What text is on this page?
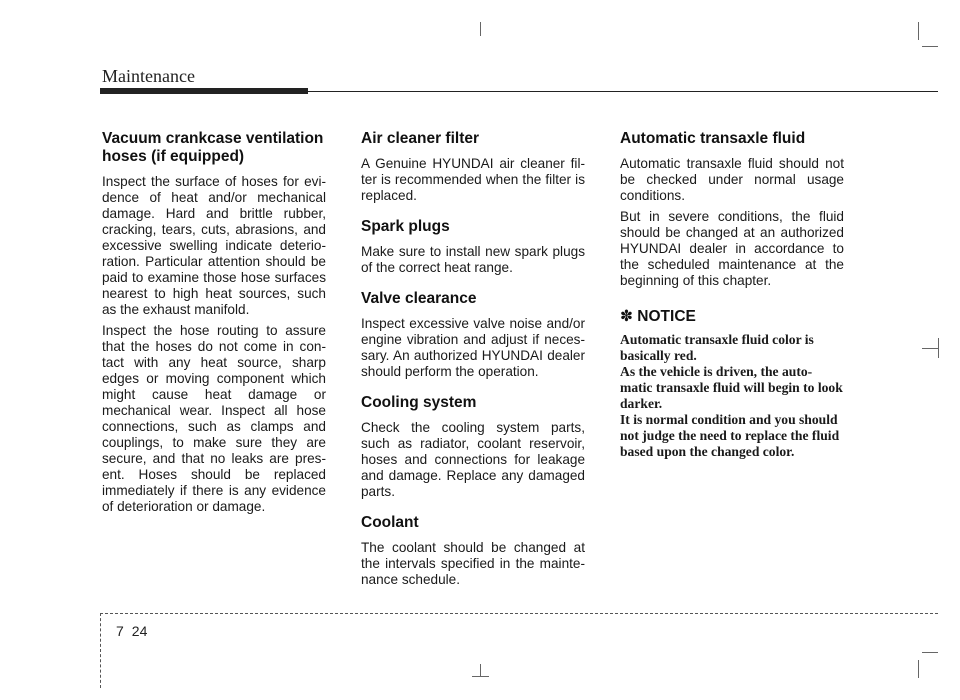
Maintenance
Vacuum crankcase ventilation hoses (if equipped)

Inspect the surface of hoses for evi-dence of heat and/or mechanical damage. Hard and brittle rubber, cracking, tears, cuts, abrasions, and excessive swelling indicate deterio-ration. Particular attention should be paid to examine those hose surfaces nearest to high heat sources, such as the exhaust manifold.

Inspect the hose routing to assure that the hoses do not come in con-tact with any heat source, sharp edges or moving component which might cause heat damage or mechanical wear. Inspect all hose connections, such as clamps and couplings, to make sure they are secure, and that no leaks are pres-ent. Hoses should be replaced immediately if there is any evidence of deterioration or damage.

Air cleaner filter

A Genuine HYUNDAI air cleaner fil-ter is recommended when the filter is replaced.

Spark plugs

Make sure to install new spark plugs of the correct heat range.

Valve clearance

Inspect excessive valve noise and/or engine vibration and adjust if neces-sary. An authorized HYUNDAI dealer should perform the operation.

Cooling system

Check the cooling system parts, such as radiator, coolant reservoir, hoses and connections for leakage and damage. Replace any damaged parts.

Coolant

The coolant should be changed at the intervals specified in the mainte-nance schedule.

Automatic transaxle fluid

Automatic transaxle fluid should not be checked under normal usage conditions.

But in severe conditions, the fluid should be changed at an authorized HYUNDAI dealer in accordance to the scheduled maintenance at the beginning of this chapter.

✽ NOTICE

Automatic transaxle fluid color is basically red.

As the vehicle is driven, the auto-matic transaxle fluid will begin to look darker.

It is normal condition and you should not judge the need to replace the fluid based upon the changed color.

7 24
